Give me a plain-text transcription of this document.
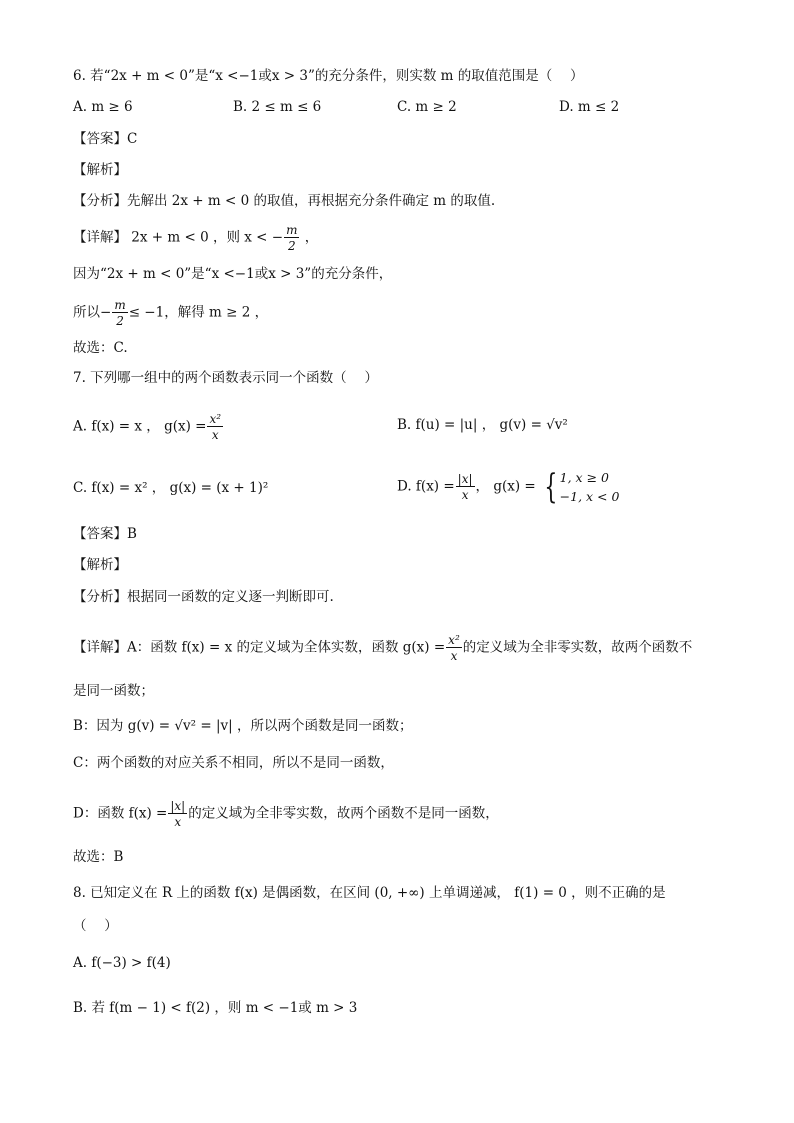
6. 若“2x + m < 0”是“x <−1或x > 3”的充分条件，则实数 m 的取值范围是（　 ）
A. m ≥ 6	B. 2 ≤ m ≤ 6	C. m ≥ 2	D. m ≤ 2
【答案】C
【解析】
【分析】先解出 2x + m < 0 的取值，再根据充分条件确定 m 的取值.
【详解】 2x + m < 0 ，则 x < − $\frac{m}{2}$ ，
因为“2x + m < 0”是“x <−1或x > 3”的充分条件，
所以− $\frac{m}{2} \le -1$，解得 m ≥ 2 ，
故选：C.
7. 下列哪一组中的两个函数表示同一个函数（　 ）
A. f(x) = x ， $g(x) = \frac{\text{x²}}{x}$	B. f(u) = |u| ， g(v) = √v²
C. f(x) = x² ， g(x) = (x + 1)²	D. $f(x) = \frac{|x|}{x}$ ， g(x) = { 1, x ≥ 0
−1, x < 0
【答案】B
【解析】
【分析】根据同一函数的定义逐一判断即可.
【详解】A：函数 f(x) = x 的定义域为全体实数，函数 $g(x) = \frac{\text{x²}}{x}$ 的定义域为全非零实数，故两个函数不
是同一函数；
B：因为 g(v) = √v² = |v| ，所以两个函数是同一函数；
C：两个函数的对应关系不相同，所以不是同一函数，
D：函数 $f(x) = \frac{|x|}{x}$ 的定义域为全非零实数，故两个函数不是同一函数，
故选：B
8. 已知定义在 R 上的函数 f(x) 是偶函数，在区间 (0, +∞) 上单调递减， f(1) = 0 ，则不正确的是
（　 ）
A. f(−3) > f(4)
B. 若 f(m − 1) < f(2) ，则 m < −1或 m > 3
